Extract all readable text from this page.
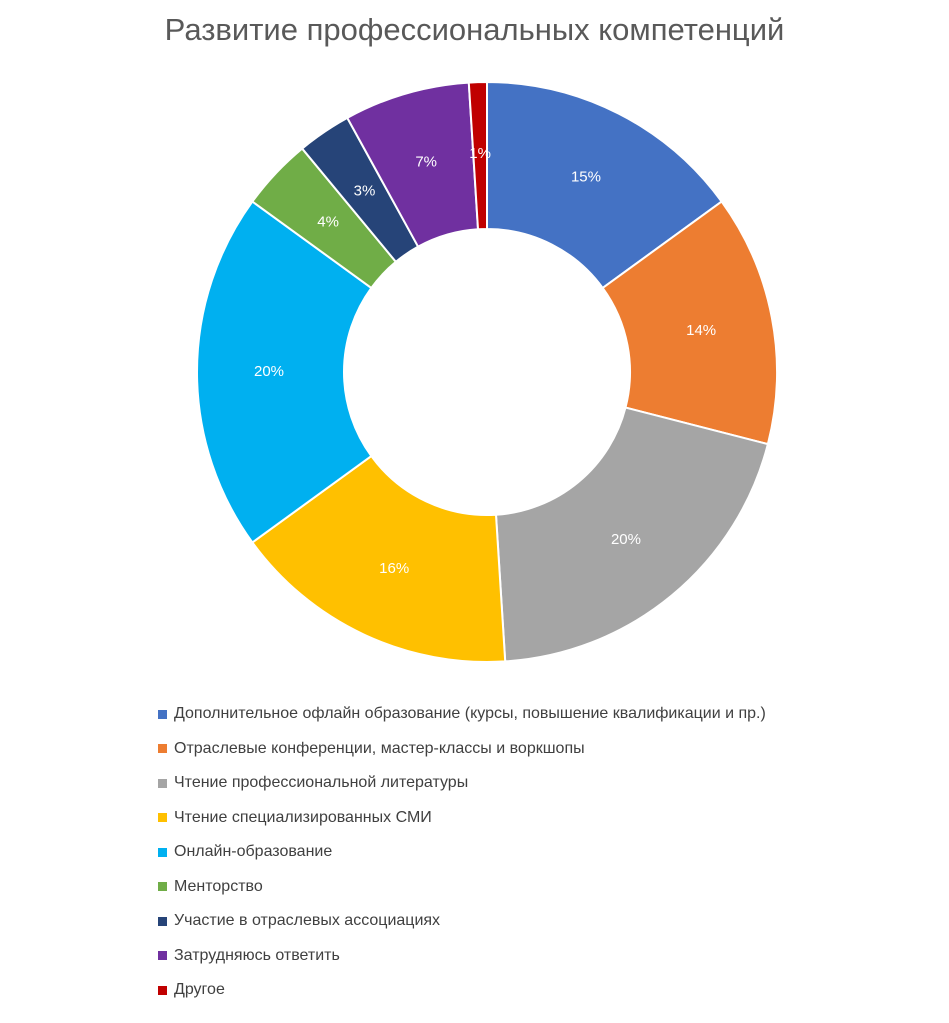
Развитие профессиональных компетенций
15%
14%
20%
16%
20%
4%
3%
7%
1%
Дополнительное офлайн образование (курсы, повышение квалификации и пр.)
Отраслевые конференции, мастер-классы и воркшопы
Чтение профессиональной литературы
Чтение специализированных СМИ
Онлайн-образование
Менторство
Участие в отраслевых ассоциациях
Затрудняюсь ответить
Другое
